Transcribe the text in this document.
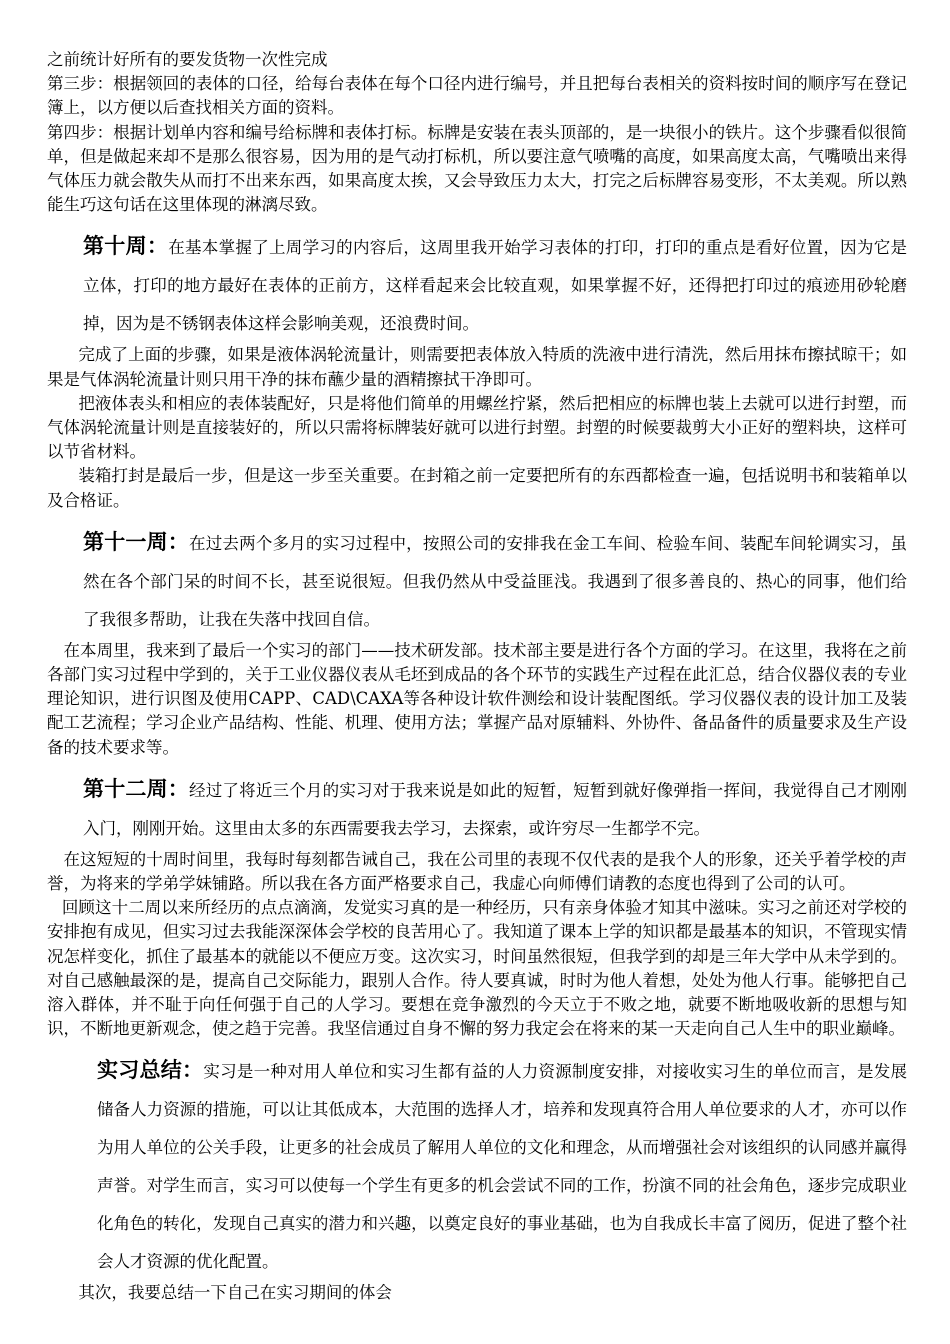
之前统计好所有的要发货物一次性完成

第三步：根据领回的表体的口径，给每台表体在每个口径内进行编号，并且把每台表相关的资料按时间的顺序写在登记簿上，以方便以后查找相关方面的资料。

第四步：根据计划单内容和编号给标牌和表体打标。标牌是安装在表头顶部的，是一块很小的铁片。这个步骤看似很简单，但是做起来却不是那么很容易，因为用的是气动打标机，所以要注意气喷嘴的高度，如果高度太高，气嘴喷出来得气体压力就会散失从而打不出来东西，如果高度太挨，又会导致压力太大，打完之后标牌容易变形，不太美观。所以熟能生巧这句话在这里体现的淋漓尽致。

第十周：在基本掌握了上周学习的内容后，这周里我开始学习表体的打印，打印的重点是看好位置，因为它是立体，打印的地方最好在表体的正前方，这样看起来会比较直观，如果掌握不好，还得把打印过的痕迹用砂轮磨掉，因为是不锈钢表体这样会影响美观，还浪费时间。

完成了上面的步骤，如果是液体涡轮流量计，则需要把表体放入特质的洗液中进行清洗，然后用抹布擦拭晾干；如果是气体涡轮流量计则只用干净的抹布蘸少量的酒精擦拭干净即可。

把液体表头和相应的表体装配好，只是将他们简单的用螺丝拧紧，然后把相应的标牌也装上去就可以进行封塑，而气体涡轮流量计则是直接装好的，所以只需将标牌装好就可以进行封塑。封塑的时候要裁剪大小正好的塑料块，这样可以节省材料。

装箱打封是最后一步，但是这一步至关重要。在封箱之前一定要把所有的东西都检查一遍，包括说明书和装箱单以及合格证。

第十一周：在过去两个多月的实习过程中，按照公司的安排我在金工车间、检验车间、装配车间轮调实习，虽然在各个部门呆的时间不长，甚至说很短。但我仍然从中受益匪浅。我遇到了很多善良的、热心的同事，他们给了我很多帮助，让我在失落中找回自信。

在本周里，我来到了最后一个实习的部门——技术研发部。技术部主要是进行各个方面的学习。在这里，我将在之前各部门实习过程中学到的，关于工业仪器仪表从毛坯到成品的各个环节的实践生产过程在此汇总，结合仪器仪表的专业理论知识，进行识图及使用CAPP、CAD\CAXA等各种设计软件测绘和设计装配图纸。学习仪器仪表的设计加工及装配工艺流程；学习企业产品结构、性能、机理、使用方法；掌握产品对原辅料、外协件、备品备件的质量要求及生产设备的技术要求等。

第十二周：经过了将近三个月的实习对于我来说是如此的短暂，短暂到就好像弹指一挥间，我觉得自己才刚刚入门，刚刚开始。这里由太多的东西需要我去学习，去探索，或许穷尽一生都学不完。

在这短短的十周时间里，我每时每刻都告诫自己，我在公司里的表现不仅代表的是我个人的形象，还关乎着学校的声誉，为将来的学弟学妹铺路。所以我在各方面严格要求自己，我虚心向师傅们请教的态度也得到了公司的认可。

回顾这十二周以来所经历的点点滴滴，发觉实习真的是一种经历，只有亲身体验才知其中滋味。实习之前还对学校的安排抱有成见，但实习过去我能深深体会学校的良苦用心了。我知道了课本上学的知识都是最基本的知识，不管现实情况怎样变化，抓住了最基本的就能以不便应万变。这次实习，时间虽然很短，但我学到的却是三年大学中从未学到的。对自己感触最深的是，提高自己交际能力，跟别人合作。待人要真诚，时时为他人着想，处处为他人行事。能够把自己溶入群体，并不耻于向任何强于自己的人学习。要想在竞争激烈的今天立于不败之地，就要不断地吸收新的思想与知识，不断地更新观念，使之趋于完善。我坚信通过自身不懈的努力我定会在将来的某一天走向自己人生中的职业巅峰。

实习总结：实习是一种对用人单位和实习生都有益的人力资源制度安排，对接收实习生的单位而言，是发展储备人力资源的措施，可以让其低成本，大范围的选择人才，培养和发现真符合用人单位要求的人才，亦可以作为用人单位的公关手段，让更多的社会成员了解用人单位的文化和理念，从而增强社会对该组织的认同感并赢得声誉。对学生而言，实习可以使每一个学生有更多的机会尝试不同的工作，扮演不同的社会角色，逐步完成职业化角色的转化，发现自己真实的潜力和兴趣，以奠定良好的事业基础，也为自我成长丰富了阅历，促进了整个社会人才资源的优化配置。

其次，我要总结一下自己在实习期间的体会
